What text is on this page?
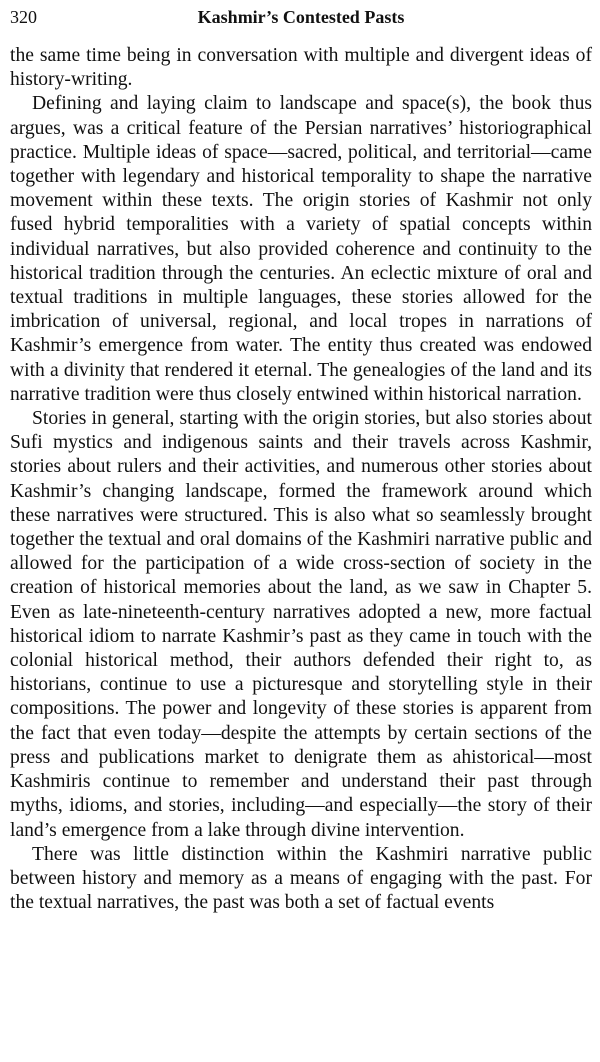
320	Kashmir’s Contested Pasts

the same time being in conversation with multiple and divergent ideas of history-writing.

Defining and laying claim to landscape and space(s), the book thus argues, was a critical feature of the Persian narratives’ historiographical practice. Multiple ideas of space—sacred, political, and territorial—came together with legendary and historical temporality to shape the narrative movement within these texts. The origin stories of Kashmir not only fused hybrid temporalities with a variety of spatial concepts within individual narratives, but also provided coherence and continuity to the historical tradition through the centuries. An eclectic mixture of oral and textual traditions in multiple languages, these stories allowed for the imbrication of universal, regional, and local tropes in narrations of Kashmir’s emergence from water. The entity thus created was endowed with a divinity that rendered it eternal. The genealogies of the land and its narrative tradition were thus closely entwined within historical narration.

Stories in general, starting with the origin stories, but also stories about Sufi mystics and indigenous saints and their travels across Kashmir, stories about rulers and their activities, and numerous other stories about Kashmir’s changing landscape, formed the framework around which these narratives were structured. This is also what so seamlessly brought together the textual and oral domains of the Kashmiri narrative public and allowed for the participation of a wide cross-section of society in the creation of historical memories about the land, as we saw in Chapter 5. Even as late-nineteenth-century narratives adopted a new, more factual historical idiom to narrate Kashmir’s past as they came in touch with the colonial historical method, their authors defended their right to, as historians, continue to use a picturesque and storytelling style in their compositions. The power and longevity of these stories is apparent from the fact that even today—despite the attempts by certain sections of the press and publications market to denigrate them as ahistorical—most Kashmiris continue to remember and understand their past through myths, idioms, and stories, including—and especially—the story of their land’s emergence from a lake through divine intervention.

There was little distinction within the Kashmiri narrative public between history and memory as a means of engaging with the past. For the textual narratives, the past was both a set of factual events
